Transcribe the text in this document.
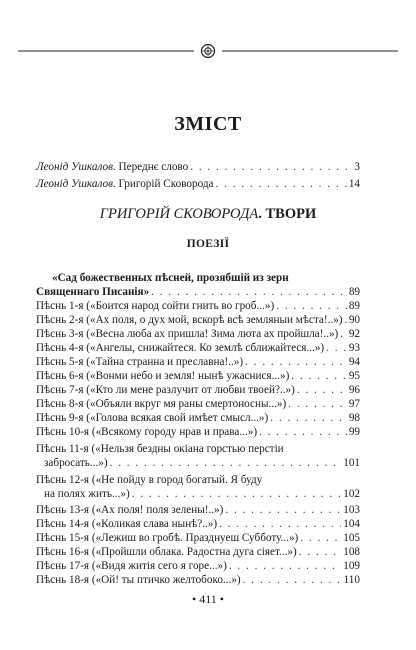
ЗМІСТ
Леонід Ушкалов. Переднє слово . . .	3
Леонід Ушкалов. Григорій Сковорода . . .	14
ГРИГОРІЙ СКОВОРОДА. ТВОРИ
ПОЕЗІЇ
«Сад божественных пѣсней, прозябшій из зерн
Священнаго Писанія» . . .	89
Пѣснь 1-я («Боится народ сойти гнить во гроб...») . . .	89
Пѣснь 2-я («Ах поля, о дух мой, вскорѣ всѣ земляныи мѣста!..») . . . 90
Пѣснь 3-я («Весна люба ах пришла! Зима люта ах пройшла!..») . . . 92
Пѣснь 4-я («Ангелы, снижайтеся. Ко землѣ сближайтеся...») . . . 93
Пѣснь 5-я («Тайна странна и преславна!..») . . .	94
Пѣснь 6-я («Вонми небо и земля! нынѣ ужаснися...») . . .	95
Пѣснь 7-я («Кто ли мене разлучит от любви твоей?..») . . .	96
Пѣснь 8-я («Объяли вкруг мя раны смертоносны...») . . .	97
Пѣснь 9-я («Голова всякая свой имѣет смысл...») . . .	98
Пѣснь 10-я («Всякому городу нрав и права...») . . .	99
Пѣснь 11-я («Нельзя бездны окіана горстью перстіи
заброcать...») . . .	101
Пѣснь 12-я («Не пойду в город богатый. Я буду
на полях жить...») . . .	102
Пѣснь 13-я («Ах поля! поля зелены!..») . . .	103
Пѣснь 14-я («Коликая слава нынѣ?..») . . .	104
Пѣснь 15-я («Лежиш во гробѣ. Празднуеш Субботу...») . . .	105
Пѣснь 16-я («Пройшли облака. Радостна дуга сіяет...») . . .	108
Пѣснь 17-я («Видя житія сего я горе...») . . .	109
Пѣснь 18-я («Ой! ты птичко желтобоко...») . . .	110
• 411 •
